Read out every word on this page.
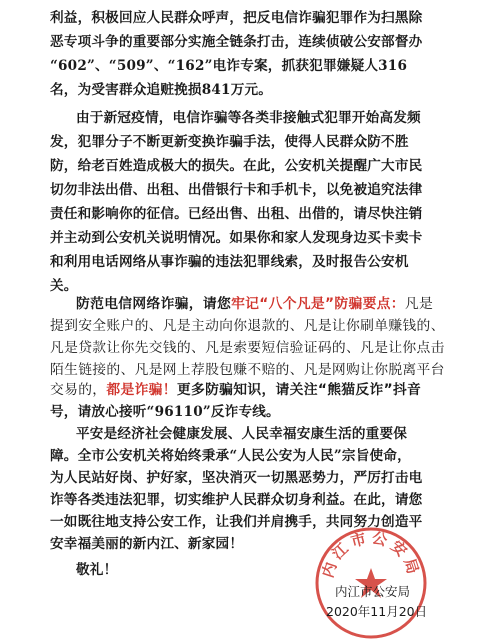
利益，积极回应人民群众呼声，把反电信诈骗犯罪作为扫黑除
恶专项斗争的重要部分实施全链条打击，连续侦破公安部督办
“602”、“509”、“162”电诈专案，抓获犯罪嫌疑人316
名，为受害群众追赃挽损841万元。
由于新冠疫情，电信诈骗等各类非接触式犯罪开始高发频
发，犯罪分子不断更新变换诈骗手法，使得人民群众防不胜
防，给老百姓造成极大的损失。在此，公安机关提醒广大市民
切勿非法出借、出租、出借银行卡和手机卡，以免被追究法律
责任和影响你的征信。已经出售、出租、出借的，请尽快注销
并主动到公安机关说明情况。如果你和家人发现身边买卡卖卡
和利用电话网络从事诈骗的违法犯罪线索，及时报告公安机
关。
防范电信网络诈骗，请您牢记“八个凡是”防骗要点：凡是
提到安全账户的、凡是主动向你退款的、凡是让你刷单赚钱的、
凡是贷款让你先交钱的、凡是索要短信验证码的、凡是让你点击
陌生链接的、凡是网上荐股包赚不赔的、凡是网购让你脱离平台
交易的，都是诈骗！更多防骗知识，请关注“熊猫反诈”抖音
号，请放心接听“96110”反诈专线。
平安是经济社会健康发展、人民幸福安康生活的重要保
障。全市公安机关将始终秉承“人民公安为人民”宗旨使命，
为人民站好岗、护好家，坚决消灭一切黑恶势力，严厉打击电
诈等各类违法犯罪，切实维护人民群众切身利益。在此，请您
一如既往地支持公安工作，让我们并肩携手，共同努力创造平
安幸福美丽的新内江、新家园！
敬礼！	内江市公安局
内江市公安局
2020年11月20日
